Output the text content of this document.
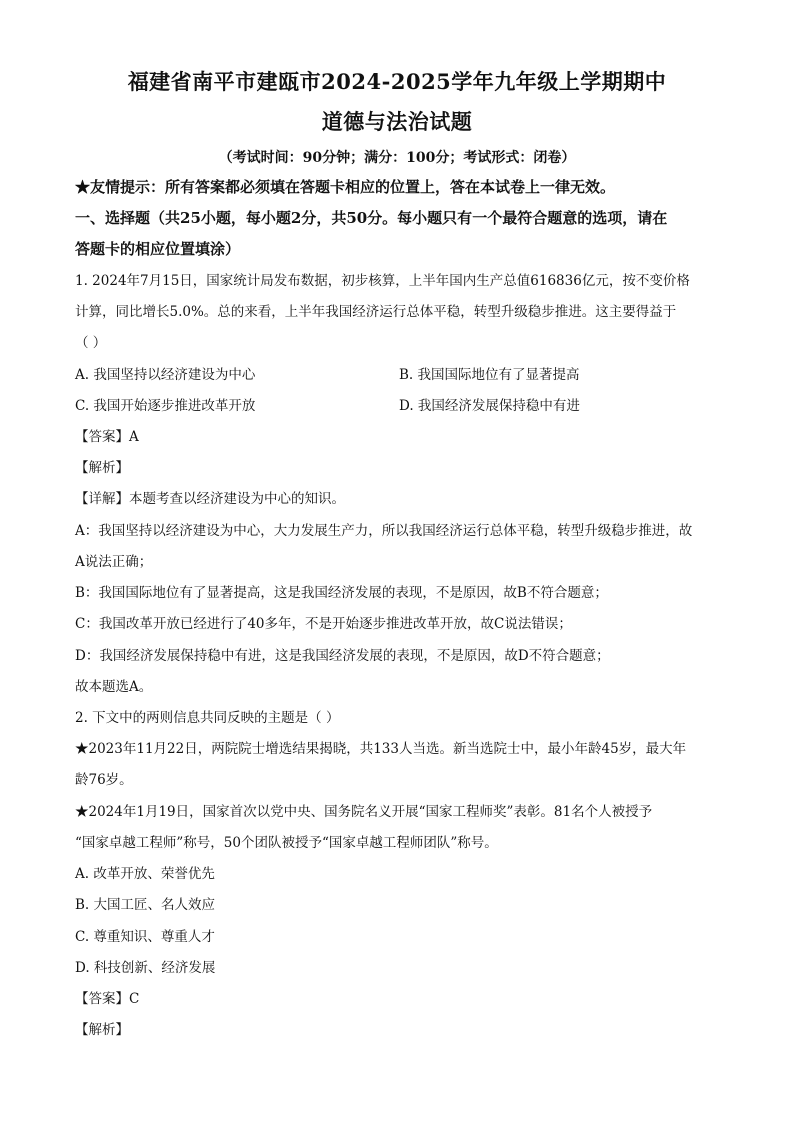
福建省南平市建瓯市2024-2025学年九年级上学期期中
道德与法治试题
（考试时间：90分钟；满分：100分；考试形式：闭卷）
★友情提示：所有答案都必须填在答题卡相应的位置上，答在本试卷上一律无效。
一、选择题（共25小题，每小题2分，共50分。每小题只有一个最符合题意的选项，请在
答题卡的相应位置填涂）
1. 2024年7月15日，国家统计局发布数据，初步核算，上半年国内生产总值616836亿元，按不变价格
计算，同比增长5.0%。总的来看，上半年我国经济运行总体平稳，转型升级稳步推进。这主要得益于
（ ）
A. 我国坚持以经济建设为中心	B. 我国国际地位有了显著提高
C. 我国开始逐步推进改革开放	D. 我国经济发展保持稳中有进
【答案】A
【解析】
【详解】本题考查以经济建设为中心的知识。
A：我国坚持以经济建设为中心，大力发展生产力，所以我国经济运行总体平稳，转型升级稳步推进，故
A说法正确；
B：我国国际地位有了显著提高，这是我国经济发展的表现，不是原因，故B不符合题意；
C：我国改革开放已经进行了40多年，不是开始逐步推进改革开放，故C说法错误；
D：我国经济发展保持稳中有进，这是我国经济发展的表现，不是原因，故D不符合题意；
故本题选A。
2. 下文中的两则信息共同反映的主题是（ ）
★2023年11月22日，两院院士增选结果揭晓，共133人当选。新当选院士中，最小年龄45岁，最大年
龄76岁。
★2024年1月19日，国家首次以党中央、国务院名义开展“国家工程师奖”表彰。81名个人被授予
“国家卓越工程师”称号，50个团队被授予“国家卓越工程师团队”称号。
A. 改革开放、荣誉优先
B. 大国工匠、名人效应
C. 尊重知识、尊重人才
D. 科技创新、经济发展
【答案】C
【解析】
